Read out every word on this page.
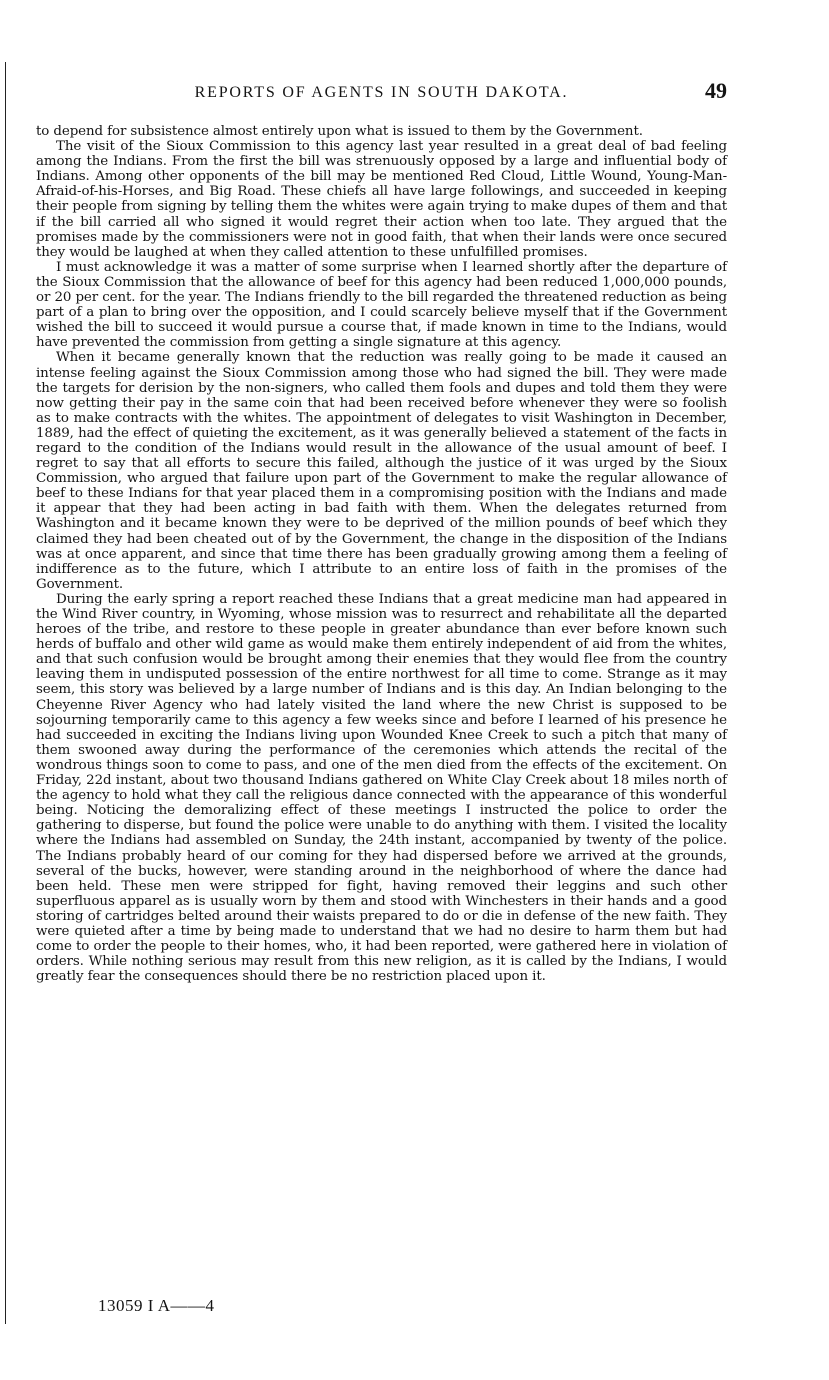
REPORTS OF AGENTS IN SOUTH DAKOTA.	49

to depend for subsistence almost entirely upon what is issued to them by the Government.

The visit of the Sioux Commission to this agency last year resulted in a great deal of bad feeling among the Indians. From the first the bill was strenuously opposed by a large and influential body of Indians. Among other opponents of the bill may be mentioned Red Cloud, Little Wound, Young-Man-Afraid-of-his-Horses, and Big Road. These chiefs all have large followings, and succeeded in keeping their people from signing by telling them the whites were again trying to make dupes of them and that if the bill carried all who signed it would regret their action when too late. They argued that the promises made by the commissioners were not in good faith, that when their lands were once secured they would be laughed at when they called attention to these unfulfilled promises.

I must acknowledge it was a matter of some surprise when I learned shortly after the departure of the Sioux Commission that the allowance of beef for this agency had been reduced 1,000,000 pounds, or 20 per cent. for the year. The Indians friendly to the bill regarded the threatened reduction as being part of a plan to bring over the opposition, and I could scarcely believe myself that if the Government wished the bill to succeed it would pursue a course that, if made known in time to the Indians, would have prevented the commission from getting a single signature at this agency.

When it became generally known that the reduction was really going to be made it caused an intense feeling against the Sioux Commission among those who had signed the bill. They were made the targets for derision by the non-signers, who called them fools and dupes and told them they were now getting their pay in the same coin that had been received before whenever they were so foolish as to make contracts with the whites. The appointment of delegates to visit Washington in December, 1889, had the effect of quieting the excitement, as it was generally believed a statement of the facts in regard to the condition of the Indians would result in the allowance of the usual amount of beef. I regret to say that all efforts to secure this failed, although the justice of it was urged by the Sioux Commission, who argued that failure upon part of the Government to make the regular allowance of beef to these Indians for that year placed them in a compromising position with the Indians and made it appear that they had been acting in bad faith with them. When the delegates returned from Washington and it became known they were to be deprived of the million pounds of beef which they claimed they had been cheated out of by the Government, the change in the disposition of the Indians was at once apparent, and since that time there has been gradually growing among them a feeling of indifference as to the future, which I attribute to an entire loss of faith in the promises of the Government.

During the early spring a report reached these Indians that a great medicine man had appeared in the Wind River country, in Wyoming, whose mission was to resurrect and rehabilitate all the departed heroes of the tribe, and restore to these people in greater abundance than ever before known such herds of buffalo and other wild game as would make them entirely independent of aid from the whites, and that such confusion would be brought among their enemies that they would flee from the country leaving them in undisputed possession of the entire northwest for all time to come. Strange as it may seem, this story was believed by a large number of Indians and is this day. An Indian belonging to the Cheyenne River Agency who had lately visited the land where the new Christ is supposed to be sojourning temporarily came to this agency a few weeks since and before I learned of his presence he had succeeded in exciting the Indians living upon Wounded Knee Creek to such a pitch that many of them swooned away during the performance of the ceremonies which attends the recital of the wondrous things soon to come to pass, and one of the men died from the effects of the excitement. On Friday, 22d instant, about two thousand Indians gathered on White Clay Creek about 18 miles north of the agency to hold what they call the religious dance connected with the appearance of this wonderful being. Noticing the demoralizing effect of these meetings I instructed the police to order the gathering to disperse, but found the police were unable to do anything with them. I visited the locality where the Indians had assembled on Sunday, the 24th instant, accompanied by twenty of the police. The Indians probably heard of our coming for they had dispersed before we arrived at the grounds, several of the bucks, however, were standing around in the neighborhood of where the dance had been held. These men were stripped for fight, having removed their leggins and such other superfluous apparel as is usually worn by them and stood with Winchesters in their hands and a good storing of cartridges belted around their waists prepared to do or die in defense of the new faith. They were quieted after a time by being made to understand that we had no desire to harm them but had come to order the people to their homes, who, it had been reported, were gathered here in violation of orders. While nothing serious may result from this new religion, as it is called by the Indians, I would greatly fear the consequences should there be no restriction placed upon it.

13059 I A——4
